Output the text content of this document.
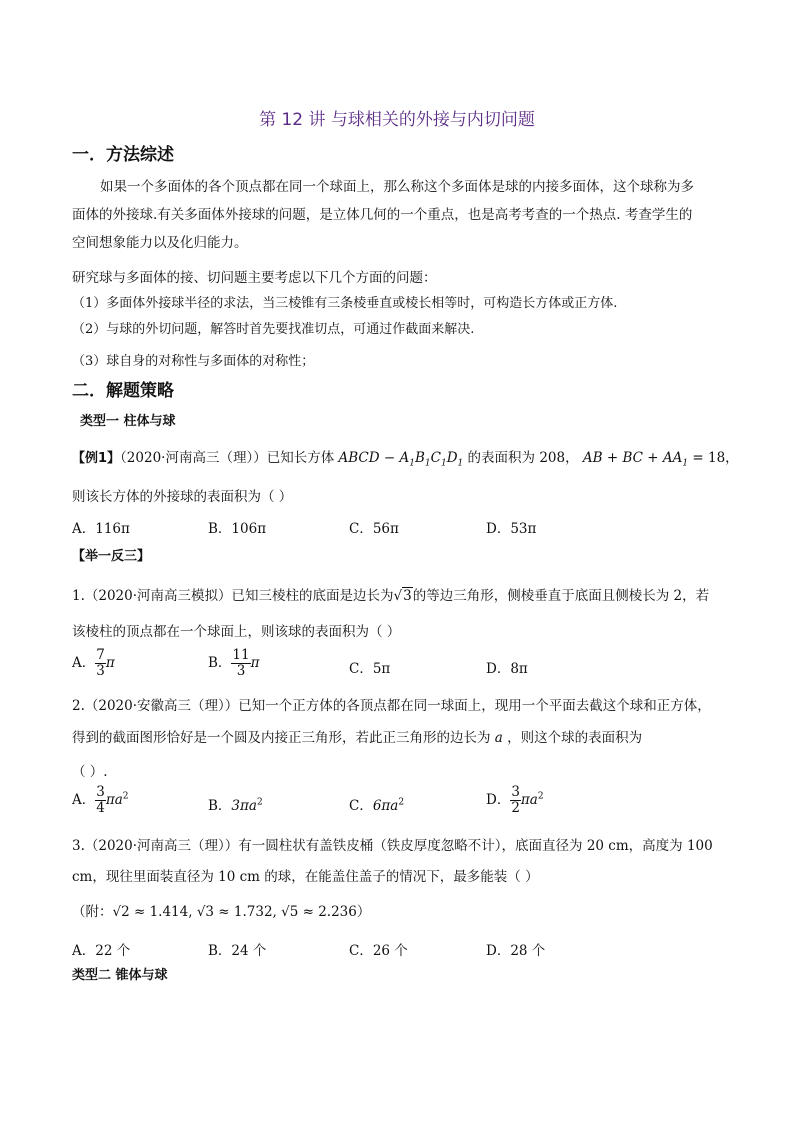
第 12 讲 与球相关的外接与内切问题
一．方法综述
如果一个多面体的各个顶点都在同一个球面上，那么称这个多面体是球的内接多面体，这个球称为多
面体的外接球.有关多面体外接球的问题，是立体几何的一个重点，也是高考考查的一个热点. 考查学生的
空间想象能力以及化归能力。
研究球与多面体的接、切问题主要考虑以下几个方面的问题：
（1）多面体外接球半径的求法，当三棱锥有三条棱垂直或棱长相等时，可构造长方体或正方体.
（2）与球的外切问题，解答时首先要找准切点，可通过作截面来解决.
（3）球自身的对称性与多面体的对称性；
二．解题策略
类型一 柱体与球
【例1】（2020·河南高三（理））已知长方体 ABCD − $A_1B_1C_1D_1$ 的表面积为 208， AB + BC + $AA_1 = 18$，
则该长方体的外接球的表面积为（ ）
A．116π	B．106π	C．56π	D．53π
【举一反三】
1.（2020·河南高三模拟）已知三棱柱的底面是边长为√3的等边三角形，侧棱垂直于底面且侧棱长为 2，若
该棱柱的顶点都在一个球面上，则该球的表面积为（ ）
A． $\frac{7}{3}$ π	B． $\frac{11}{3}$ π	C．5π	D．8π
2.（2020·安徽高三（理））已知一个正方体的各顶点都在同一球面上，现用一个平面去截这个球和正方体，
得到的截面图形恰好是一个圆及内接正三角形，若此正三角形的边长为 a ，则这个球的表面积为
（ ）.
A． $\frac{3}{4} \pi a^2$
B．$3\pi a^2$	C．$6\pi a^2$	D． $\frac{3}{2} \pi a^2$
3.（2020·河南高三（理））有一圆柱状有盖铁皮桶（铁皮厚度忽略不计），底面直径为 20 cm，高度为 100
cm，现往里面装直径为 10 cm 的球，在能盖住盖子的情况下，最多能装（ ）
（附：√2 ≈ 1.414, √3 ≈ 1.732, √5 ≈ 2.236）
A．22 个	B．24 个	C．26 个	D．28 个
类型二 锥体与球
